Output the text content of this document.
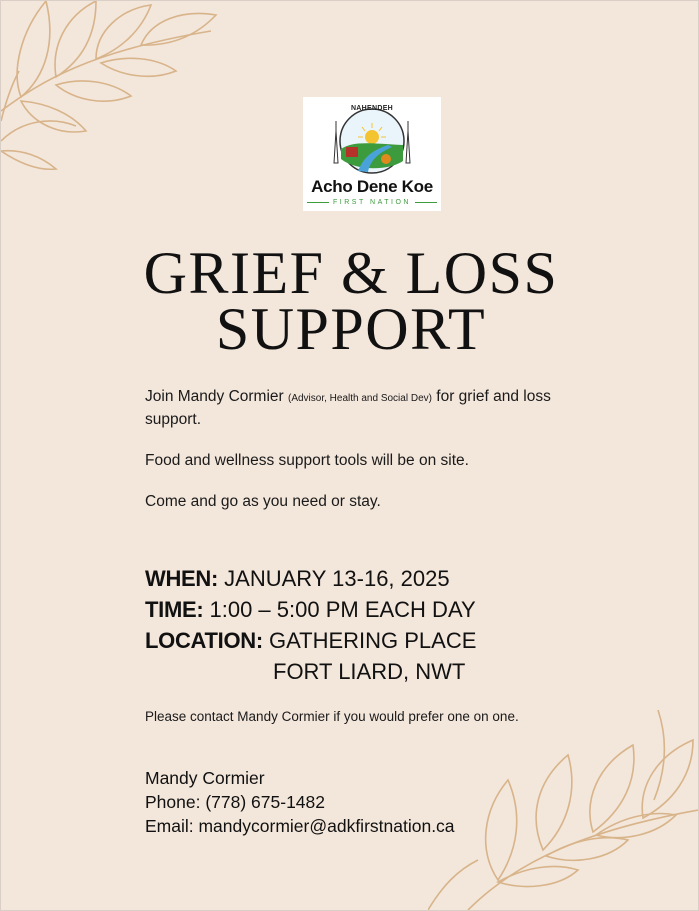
NAHENDEH
Acho Dene Koe
FIRST NATION
GRIEF & LOSS
SUPPORT
Join Mandy Cormier (Advisor, Health and Social Dev) for grief and loss support.
Food and wellness support tools will be on site.
Come and go as you need or stay.
WHEN: JANUARY 13-16, 2025
TIME: 1:00 – 5:00 PM EACH DAY
LOCATION: GATHERING PLACE
FORT LIARD, NWT
Please contact Mandy Cormier if you would prefer one on one.
Mandy Cormier
Phone: (778) 675-1482
Email: mandycormier@adkfirstnation.ca
